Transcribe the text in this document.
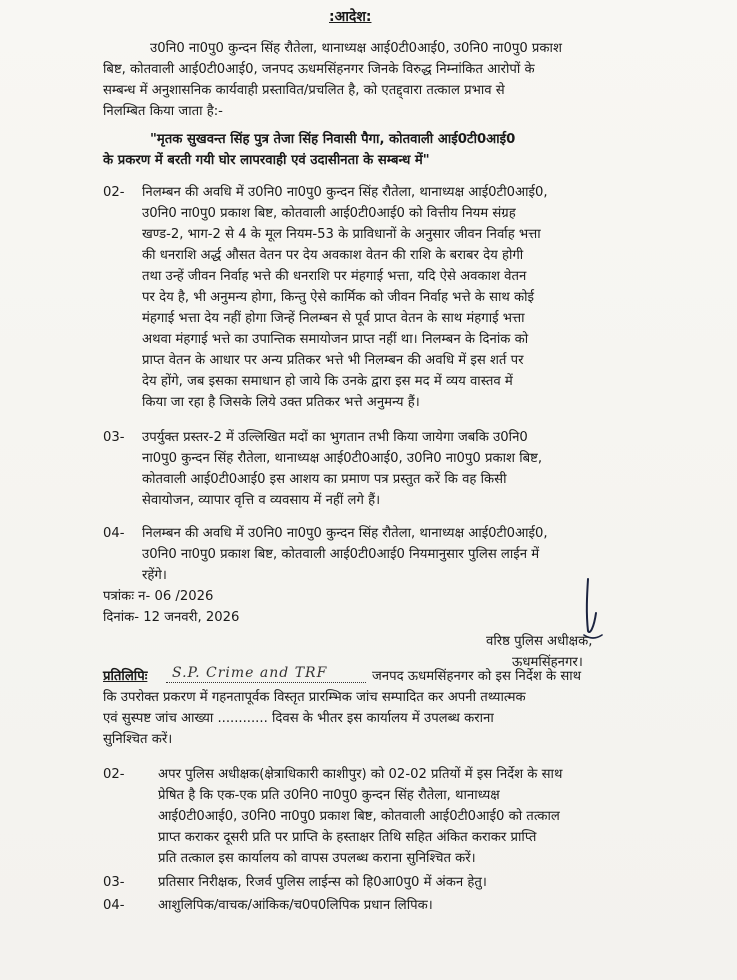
:आदेश:
उ0नि0 ना0पु0 कुन्दन सिंह रौतेला, थानाध्यक्ष आई0टी0आई0, उ0नि0 ना0पु0 प्रकाश
बिष्ट, कोतवाली आई0टी0आई0, जनपद ऊधमसिंहनगर जिनके विरुद्ध निम्नांकित आरोपों के
सम्बन्ध में अनुशासनिक कार्यवाही प्रस्तावित/प्रचलित है, को एतद्द्वारा तत्काल प्रभाव से
निलम्बित किया जाता है:-
"मृतक सुखवन्त सिंह पुत्र तेजा सिंह निवासी पैगा, कोतवाली आई0टी0आई0
के प्रकरण में बरती गयी घोर लापरवाही एवं उदासीनता के सम्बन्ध में"
02- निलम्बन की अवधि में उ0नि0 ना0पु0 कुन्दन सिंह रौतेला, थानाध्यक्ष आई0टी0आई0,
उ0नि0 ना0पु0 प्रकाश बिष्ट, कोतवाली आई0टी0आई0 को वित्तीय नियम संग्रह
खण्ड-2, भाग-2 से 4 के मूल नियम-53 के प्राविधानों के अनुसार जीवन निर्वाह भत्ता
की धनराशि अर्द्ध औसत वेतन पर देय अवकाश वेतन की राशि के बराबर देय होगी
तथा उन्हें जीवन निर्वाह भत्ते की धनराशि पर मंहगाई भत्ता, यदि ऐसे अवकाश वेतन
पर देय है, भी अनुमन्य होगा, किन्तु ऐसे कार्मिक को जीवन निर्वाह भत्ते के साथ कोई
मंहगाई भत्ता देय नहीं होगा जिन्हें निलम्बन से पूर्व प्राप्त वेतन के साथ मंहगाई भत्ता
अथवा मंहगाई भत्ते का उपान्तिक समायोजन प्राप्त नहीं था। निलम्बन के दिनांक को
प्राप्त वेतन के आधार पर अन्य प्रतिकर भत्ते भी निलम्बन की अवधि में इस शर्त पर
देय होंगे, जब इसका समाधान हो जाये कि उनके द्वारा इस मद में व्यय वास्तव में
किया जा रहा है जिसके लिये उक्त प्रतिकर भत्ते अनुमन्य हैं।
03- उपर्युक्त प्रस्तर-2 में उल्लिखित मदों का भुगतान तभी किया जायेगा जबकि उ0नि0
ना0पु0 कुन्दन सिंह रौतेला, थानाध्यक्ष आई0टी0आई0, उ0नि0 ना0पु0 प्रकाश बिष्ट,
कोतवाली आई0टी0आई0 इस आशय का प्रमाण पत्र प्रस्तुत करें कि वह किसी
सेवायोजन, व्यापार वृत्ति व व्यवसाय में नहीं लगे हैं।
04- निलम्बन की अवधि में उ0नि0 ना0पु0 कुन्दन सिंह रौतेला, थानाध्यक्ष आई0टी0आई0,
उ0नि0 ना0पु0 प्रकाश बिष्ट, कोतवाली आई0टी0आई0 नियमानुसार पुलिस लाईन में
रहेंगे।
पत्रांकः न- 06 /2026
दिनांक- 12 जनवरी, 2026
वरिष्ठ पुलिस अधीक्षक,
ऊधमसिंहनगर।
प्रतिलिपिः S.P. Crime and TRF	जनपद ऊधमसिंहनगर को इस निर्देश के साथ
कि उपरोक्त प्रकरण में गहनतापूर्वक विस्तृत प्रारम्भिक जांच सम्पादित कर अपनी तथ्यात्मक
एवं सुस्पष्ट जांच आख्या ............ दिवस के भीतर इस कार्यालय में उपलब्ध कराना
सुनिश्चित करें।
02-	अपर पुलिस अधीक्षक(क्षेत्राधिकारी काशीपुर) को 02-02 प्रतियों में इस निर्देश के साथ
प्रेषित है कि एक-एक प्रति उ0नि0 ना0पु0 कुन्दन सिंह रौतेला, थानाध्यक्ष
आई0टी0आई0, उ0नि0 ना0पु0 प्रकाश बिष्ट, कोतवाली आई0टी0आई0 को तत्काल
प्राप्त कराकर दूसरी प्रति पर प्राप्ति के हस्ताक्षर तिथि सहित अंकित कराकर प्राप्ति
प्रति तत्काल इस कार्यालय को वापस उपलब्ध कराना सुनिश्चित करें।
03-	प्रतिसार निरीक्षक, रिजर्व पुलिस लाईन्स को हि0आ0पु0 में अंकन हेतु।
04-	आशुलिपिक/वाचक/आंकिक/च0प0लिपिक प्रधान लिपिक।
